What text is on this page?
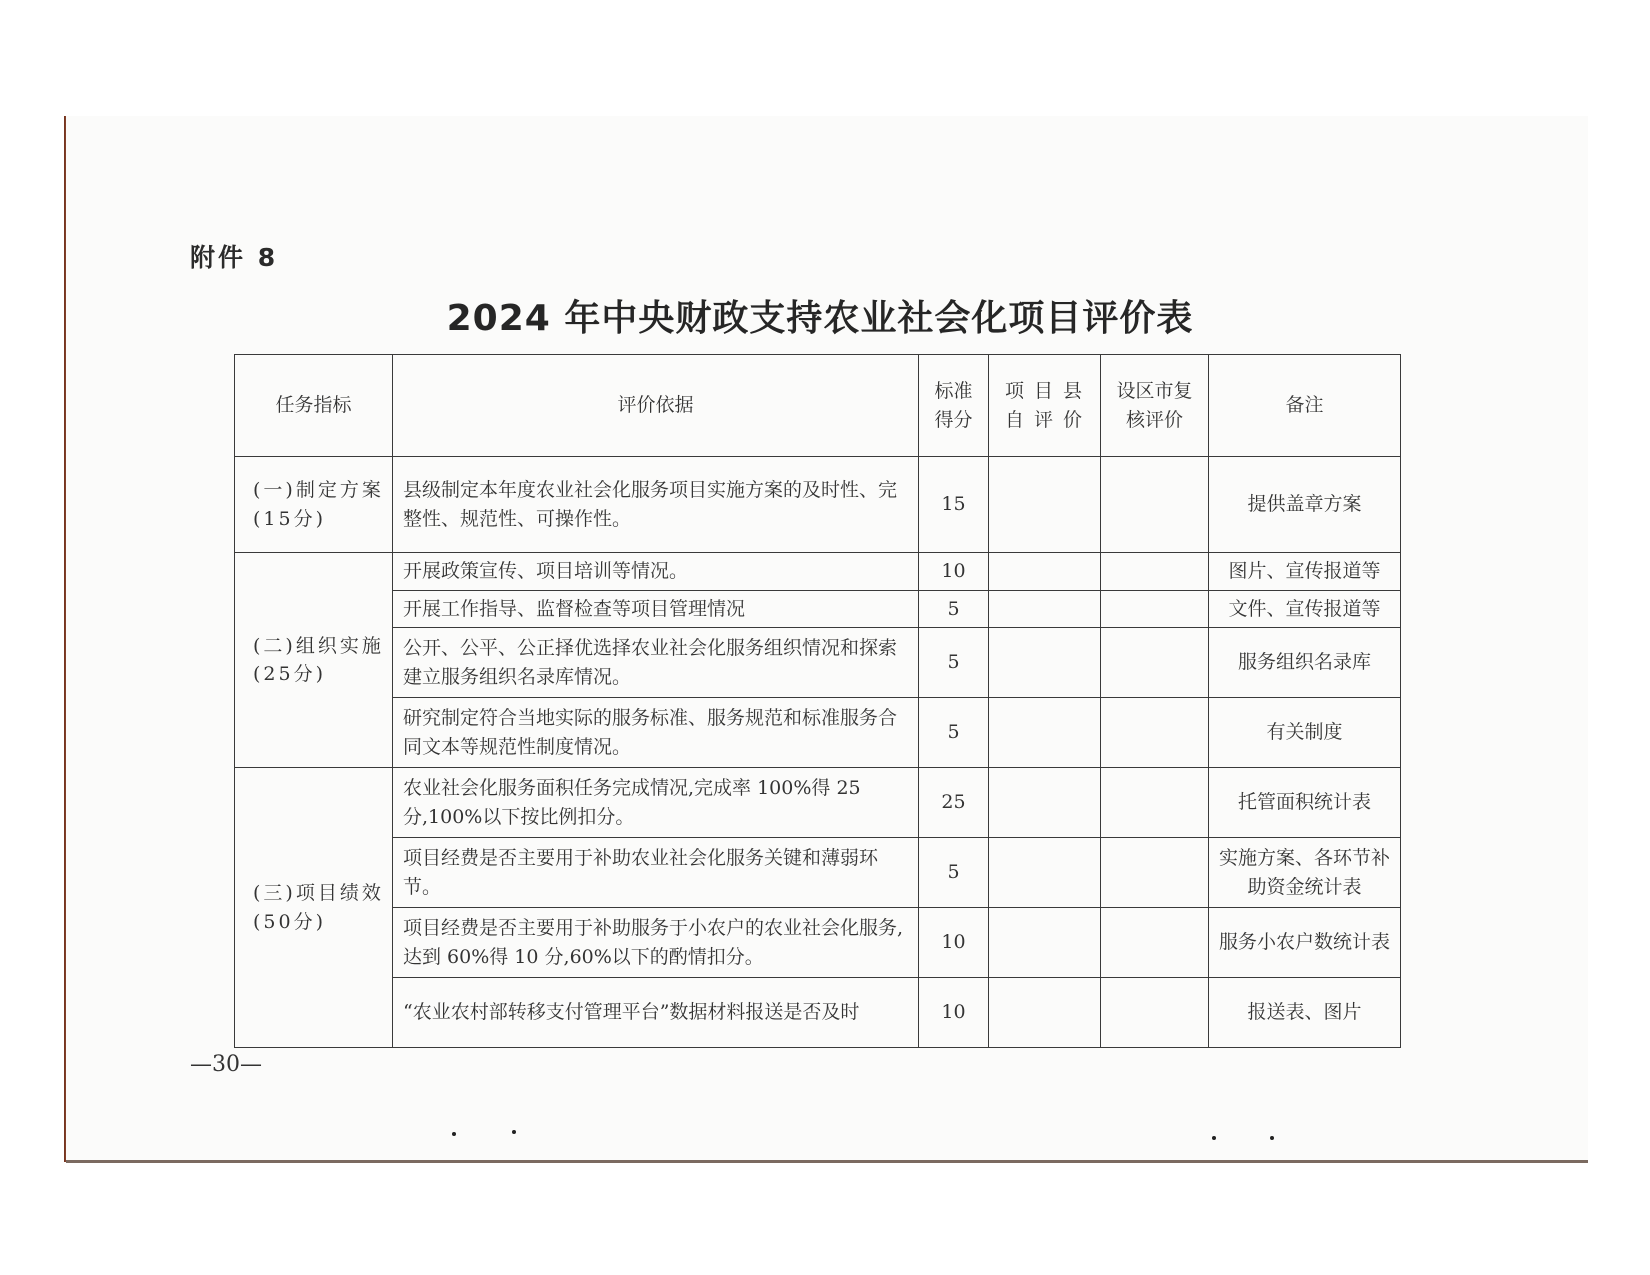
附件 8
2024 年中央财政支持农业社会化项目评价表
任务指标	评价依据	标准得分	项 目 县 自 评 价	设区市复核评价	备注
(一)制定方案 (15分)	县级制定本年度农业社会化服务项目实施方案的及时性、完整性、规范性、可操作性。	15			提供盖章方案
(二)组织实施(25分)	开展政策宣传、项目培训等情况。	10			图片、宣传报道等
	开展工作指导、监督检查等项目管理情况	5			文件、宣传报道等
	公开、公平、公正择优选择农业社会化服务组织情况和探索建立服务组织名录库情况。	5			服务组织名录库
	研究制定符合当地实际的服务标准、服务规范和标准服务合同文本等规范性制度情况。	5			有关制度
(三)项目绩效(50分)	农业社会化服务面积任务完成情况,完成率 100%得 25分,100%以下按比例扣分。	25			托管面积统计表
	项目经费是否主要用于补助农业社会化服务关键和薄弱环节。	5			实施方案、各环节补助资金统计表
	项目经费是否主要用于补助服务于小农户的农业社会化服务,达到 60%得 10 分,60%以下的酌情扣分。	10			服务小农户数统计表
	“农业农村部转移支付管理平台”数据材料报送是否及时	10			报送表、图片
—30—
